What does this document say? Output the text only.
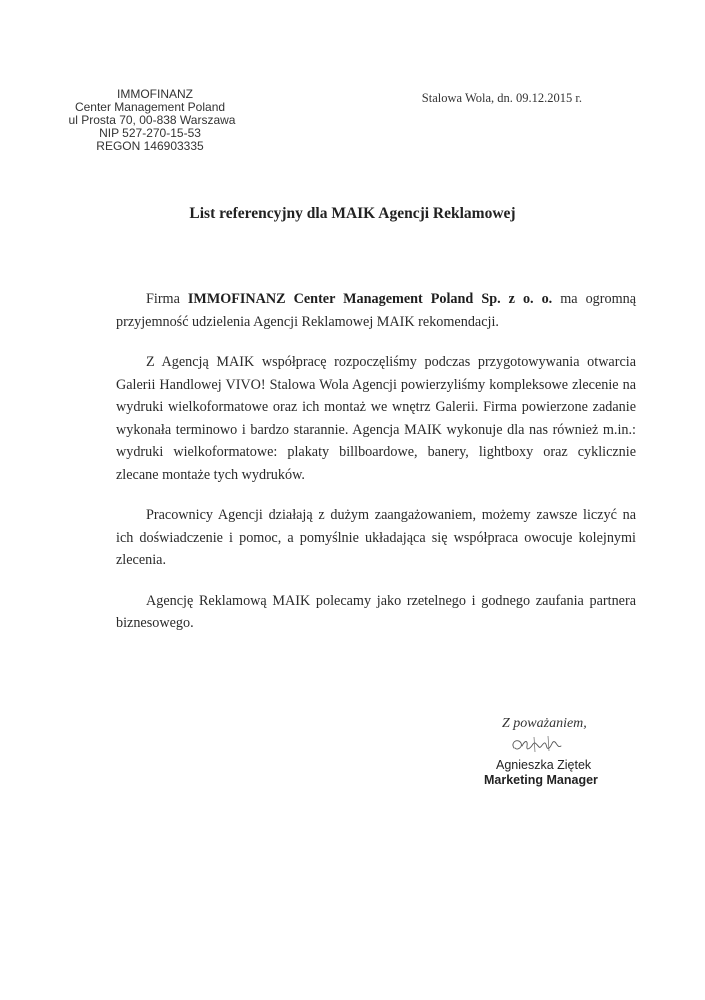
IMMOFINANZ
Center Management Poland
ul Prosta 70, 00-838 Warszawa
NIP 527-270-15-53
REGON 146903335
Stalowa Wola, dn. 09.12.2015 r.
List referencyjny dla MAIK Agencji Reklamowej

Firma IMMOFINANZ Center Management Poland Sp. z o. o. ma ogromną przyjemność udzielenia Agencji Reklamowej MAIK rekomendacji.

Z Agencją MAIK współpracę rozpoczęliśmy podczas przygotowywania otwarcia Galerii Handlowej VIVO! Stalowa Wola Agencji powierzyliśmy kompleksowe zlecenie na wydruki wielkoformatowe oraz ich montaż we wnętrz Galerii. Firma powierzone zadanie wykonała terminowo i bardzo starannie. Agencja MAIK wykonuje dla nas również m.in.: wydruki wielkoformatowe: plakaty billboardowe, banery, lightboxy oraz cyklicznie zlecane montaże tych wydruków.

Pracownicy Agencji działają z dużym zaangażowaniem, możemy zawsze liczyć na ich doświadczenie i pomoc, a pomyślnie układająca się współpraca owocuje kolejnymi zlecenia.

Agencję Reklamową MAIK polecamy jako rzetelnego i godnego zaufania partnera biznesowego.

Z poważaniem,
Agnieszka Ziętek
Marketing Manager
